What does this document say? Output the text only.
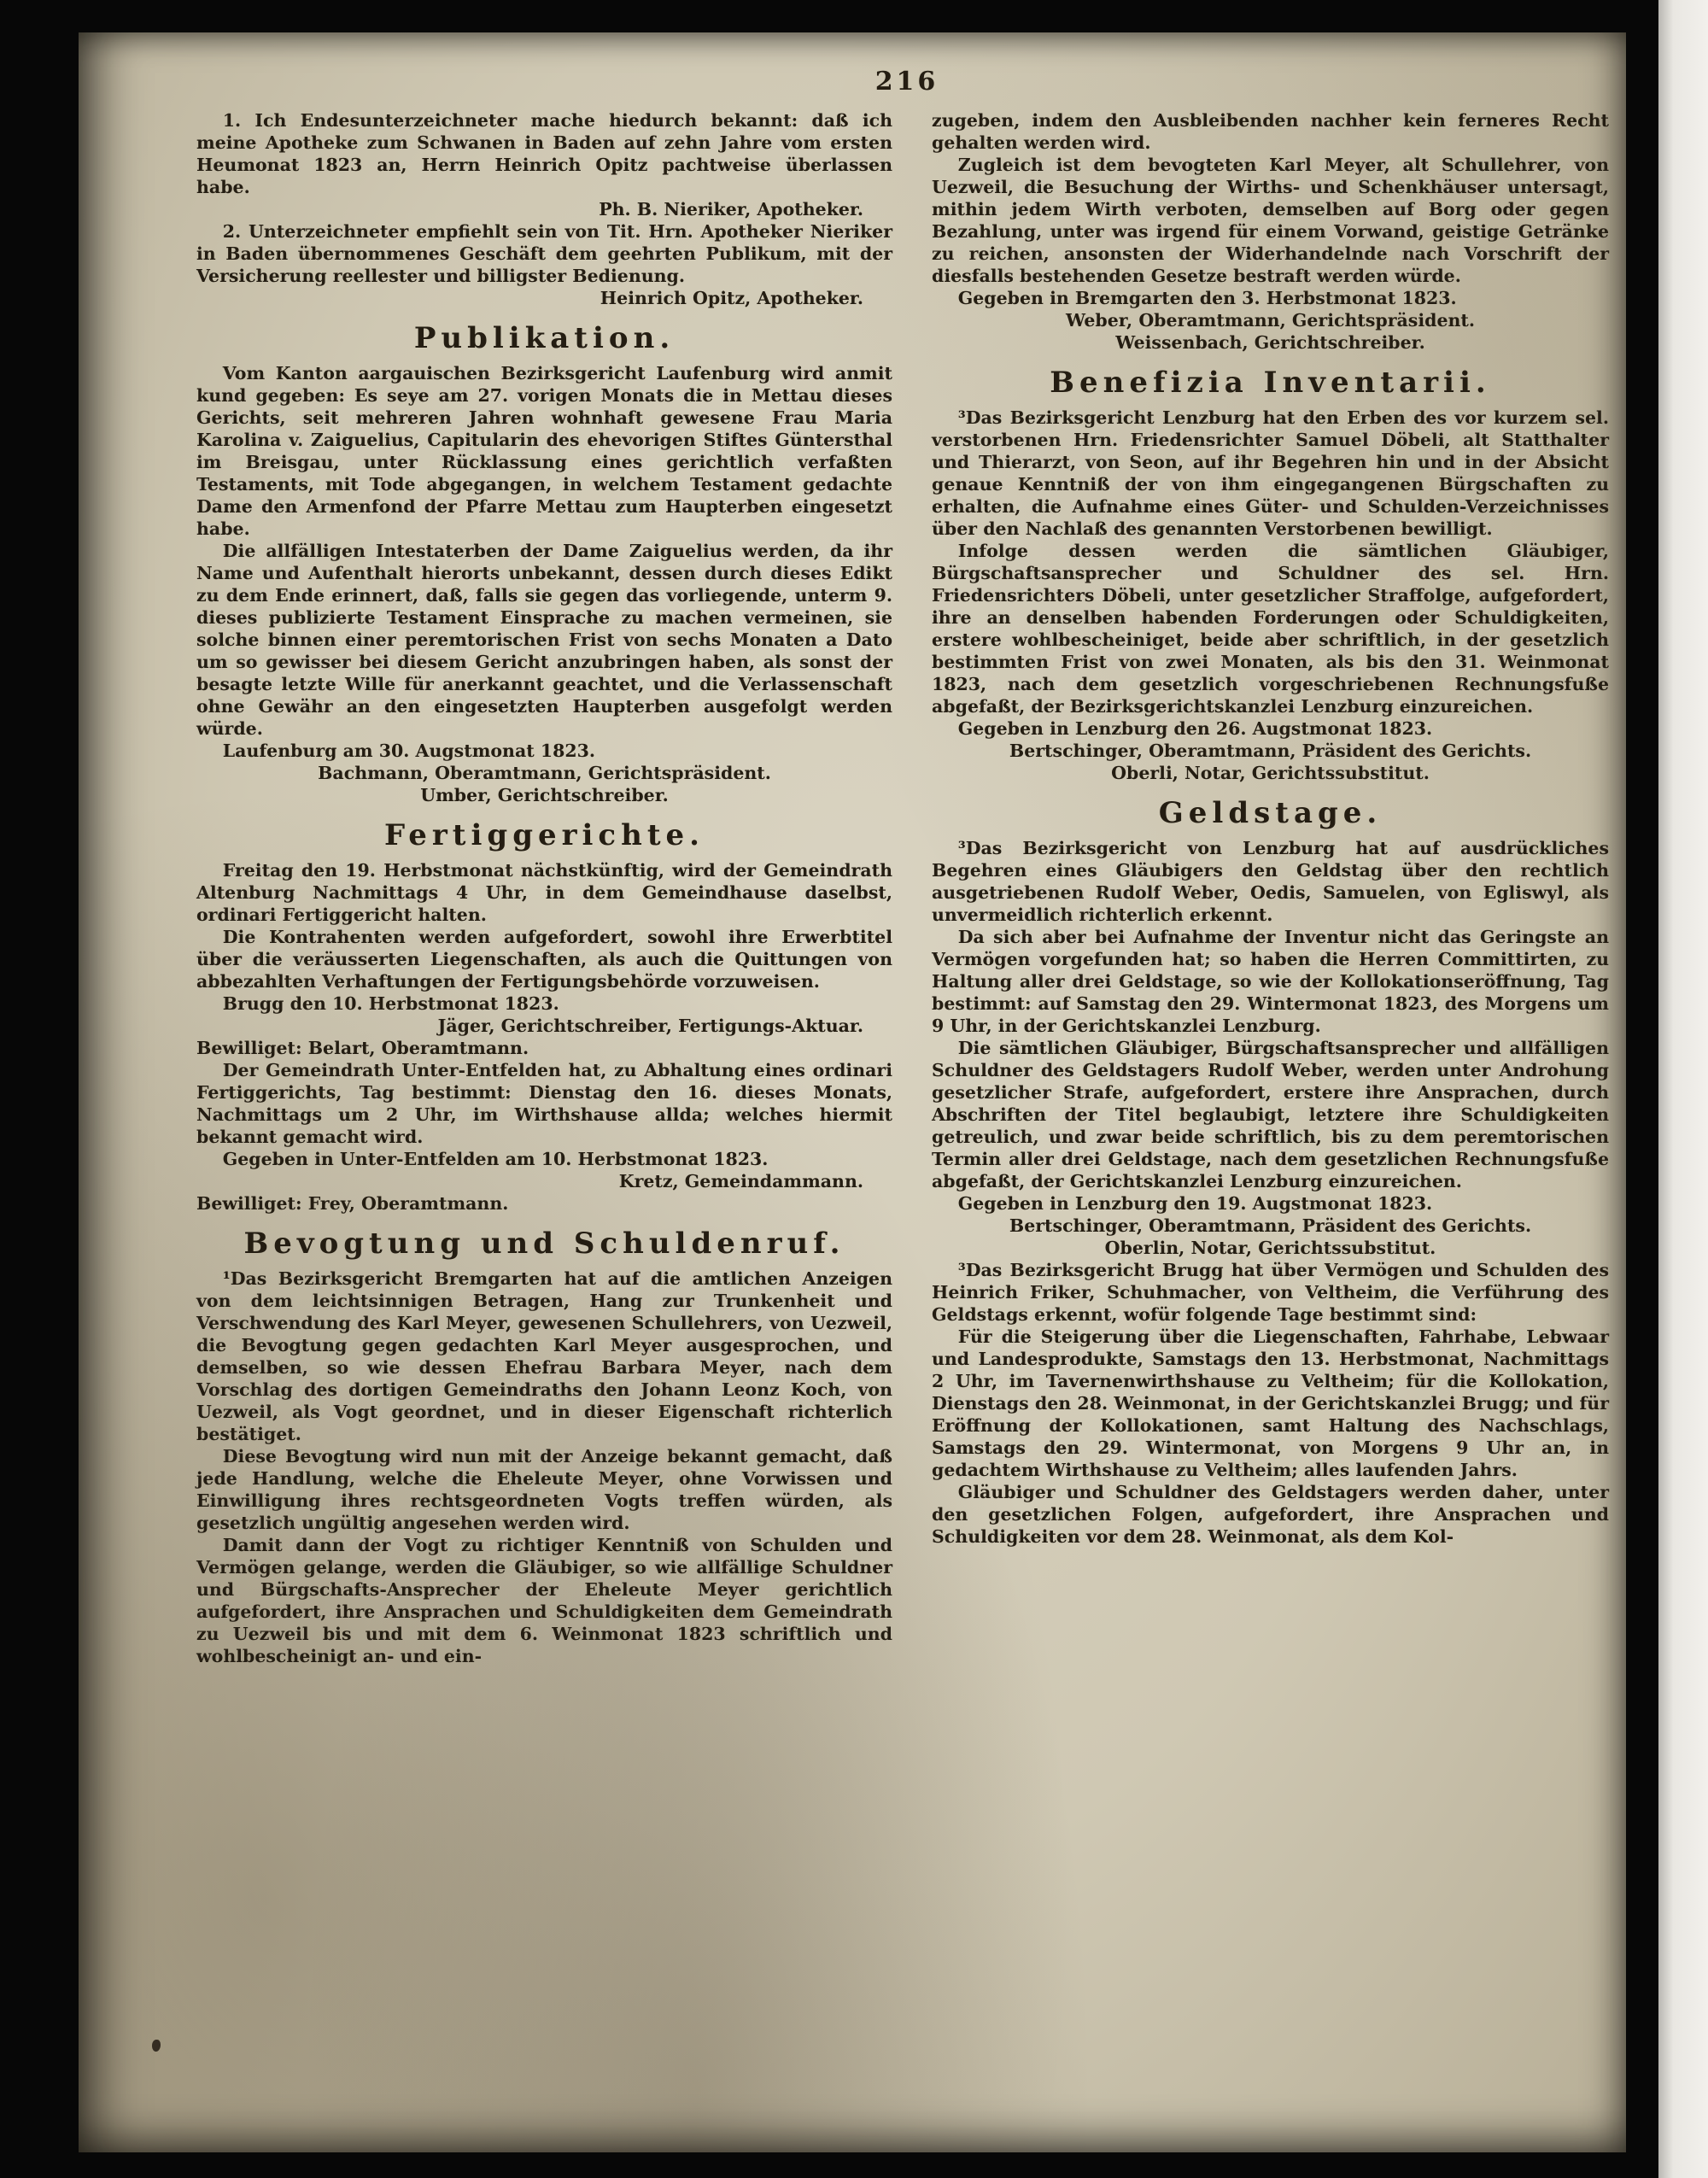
216
1. Ich Endesunterzeichneter mache hiedurch bekannt: daß ich meine Apotheke zum Schwanen in Baden auf zehn Jahre vom ersten Heumonat 1823 an, Herrn Heinrich Opitz pachtweise überlassen habe.
Ph. B. Nieriker, Apotheker.
2. Unterzeichneter empfiehlt sein von Tit. Hrn. Apotheker Nieriker in Baden übernommenes Geschäft dem geehrten Publikum, mit der Versicherung reellester und billigster Bedienung.
Heinrich Opitz, Apotheker.
Publikation.
Vom Kanton aargauischen Bezirksgericht Laufenburg wird anmit kund gegeben: Es seye am 27. vorigen Monats die in Mettau dieses Gerichts, seit mehreren Jahren wohnhaft gewesene Frau Maria Karolina v. Zaiguelius, Capitularin des ehevorigen Stiftes Güntersthal im Breisgau, unter Rücklassung eines gerichtlich verfaßten Testaments, mit Tode abgegangen, in welchem Testament gedachte Dame den Armenfond der Pfarre Mettau zum Haupterben eingesetzt habe.
Die allfälligen Intestaterben der Dame Zaiguelius werden, da ihr Name und Aufenthalt hierorts unbekannt, dessen durch dieses Edikt zu dem Ende erinnert, daß, falls sie gegen das vorliegende, unterm 9. dieses publizierte Testament Einsprache zu machen vermeinen, sie solche binnen einer peremtorischen Frist von sechs Monaten a Dato um so gewisser bei diesem Gericht anzubringen haben, als sonst der besagte letzte Wille für anerkannt geachtet, und die Verlassenschaft ohne Gewähr an den eingesetzten Haupterben ausgefolgt werden würde.
Laufenburg am 30. Augstmonat 1823.
Bachmann, Oberamtmann, Gerichtspräsident.
Umber, Gerichtschreiber.
Fertiggerichte.
Freitag den 19. Herbstmonat nächstkünftig, wird der Gemeindrath Altenburg Nachmittags 4 Uhr, in dem Gemeindhause daselbst, ordinari Fertiggericht halten.
Die Kontrahenten werden aufgefordert, sowohl ihre Erwerbtitel über die veräusserten Liegenschaften, als auch die Quittungen von abbezahlten Verhaftungen der Fertigungsbehörde vorzuweisen.
Brugg den 10. Herbstmonat 1823.
Jäger, Gerichtschreiber, Fertigungs-Aktuar.
Bewilliget: Belart, Oberamtmann.
Der Gemeindrath Unter-Entfelden hat, zu Abhaltung eines ordinari Fertiggerichts, Tag bestimmt: Dienstag den 16. dieses Monats, Nachmittags um 2 Uhr, im Wirthshause allda; welches hiermit bekannt gemacht wird.
Gegeben in Unter-Entfelden am 10. Herbstmonat 1823.
Kretz, Gemeindammann.
Bewilliget: Frey, Oberamtmann.
Bevogtung und Schuldenruf.
¹Das Bezirksgericht Bremgarten hat auf die amtlichen Anzeigen von dem leichtsinnigen Betragen, Hang zur Trunkenheit und Verschwendung des Karl Meyer, gewesenen Schullehrers, von Uezweil, die Bevogtung gegen gedachten Karl Meyer ausgesprochen, und demselben, so wie dessen Ehefrau Barbara Meyer, nach dem Vorschlag des dortigen Gemeindraths den Johann Leonz Koch, von Uezweil, als Vogt geordnet, und in dieser Eigenschaft richterlich bestätiget.
Diese Bevogtung wird nun mit der Anzeige bekannt gemacht, daß jede Handlung, welche die Eheleute Meyer, ohne Vorwissen und Einwilligung ihres rechtsgeordneten Vogts treffen würden, als gesetzlich ungültig angesehen werden wird.
Damit dann der Vogt zu richtiger Kenntniß von Schulden und Vermögen gelange, werden die Gläubiger, so wie allfällige Schuldner und Bürgschafts-Ansprecher der Eheleute Meyer gerichtlich aufgefordert, ihre Ansprachen und Schuldigkeiten dem Gemeindrath zu Uezweil bis und mit dem 6. Weinmonat 1823 schriftlich und wohlbescheinigt an- und ein-
zugeben, indem den Ausbleibenden nachher kein ferneres Recht gehalten werden wird.
Zugleich ist dem bevogteten Karl Meyer, alt Schullehrer, von Uezweil, die Besuchung der Wirths- und Schenkhäuser untersagt, mithin jedem Wirth verboten, demselben auf Borg oder gegen Bezahlung, unter was irgend für einem Vorwand, geistige Getränke zu reichen, ansonsten der Widerhandelnde nach Vorschrift der diesfalls bestehenden Gesetze bestraft werden würde.
Gegeben in Bremgarten den 3. Herbstmonat 1823.
Weber, Oberamtmann, Gerichtspräsident.
Weissenbach, Gerichtschreiber.
Benefizia Inventarii.
³Das Bezirksgericht Lenzburg hat den Erben des vor kurzem sel. verstorbenen Hrn. Friedensrichter Samuel Döbeli, alt Statthalter und Thierarzt, von Seon, auf ihr Begehren hin und in der Absicht genaue Kenntniß der von ihm eingegangenen Bürgschaften zu erhalten, die Aufnahme eines Güter- und Schulden-Verzeichnisses über den Nachlaß des genannten Verstorbenen bewilligt.
Infolge dessen werden die sämtlichen Gläubiger, Bürgschaftsansprecher und Schuldner des sel. Hrn. Friedensrichters Döbeli, unter gesetzlicher Straffolge, aufgefordert, ihre an denselben habenden Forderungen oder Schuldigkeiten, erstere wohlbescheiniget, beide aber schriftlich, in der gesetzlich bestimmten Frist von zwei Monaten, als bis den 31. Weinmonat 1823, nach dem gesetzlich vorgeschriebenen Rechnungsfuße abgefaßt, der Bezirksgerichtskanzlei Lenzburg einzureichen.
Gegeben in Lenzburg den 26. Augstmonat 1823.
Bertschinger, Oberamtmann, Präsident des Gerichts.
Oberli, Notar, Gerichtssubstitut.
Geldstage.
³Das Bezirksgericht von Lenzburg hat auf ausdrückliches Begehren eines Gläubigers den Geldstag über den rechtlich ausgetriebenen Rudolf Weber, Oedis, Samuelen, von Egliswyl, als unvermeidlich richterlich erkennt.
Da sich aber bei Aufnahme der Inventur nicht das Geringste an Vermögen vorgefunden hat; so haben die Herren Committirten, zu Haltung aller drei Geldstage, so wie der Kollokationseröffnung, Tag bestimmt: auf Samstag den 29. Wintermonat 1823, des Morgens um 9 Uhr, in der Gerichtskanzlei Lenzburg.
Die sämtlichen Gläubiger, Bürgschaftsansprecher und allfälligen Schuldner des Geldstagers Rudolf Weber, werden unter Androhung gesetzlicher Strafe, aufgefordert, erstere ihre Ansprachen, durch Abschriften der Titel beglaubigt, letztere ihre Schuldigkeiten getreulich, und zwar beide schriftlich, bis zu dem peremtorischen Termin aller drei Geldstage, nach dem gesetzlichen Rechnungsfuße abgefaßt, der Gerichtskanzlei Lenzburg einzureichen.
Gegeben in Lenzburg den 19. Augstmonat 1823.
Bertschinger, Oberamtmann, Präsident des Gerichts.
Oberlin, Notar, Gerichtssubstitut.
³Das Bezirksgericht Brugg hat über Vermögen und Schulden des Heinrich Friker, Schuhmacher, von Veltheim, die Verführung des Geldstags erkennt, wofür folgende Tage bestimmt sind:
Für die Steigerung über die Liegenschaften, Fahrhabe, Lebwaar und Landesprodukte, Samstags den 13. Herbstmonat, Nachmittags 2 Uhr, im Tavernenwirthshause zu Veltheim; für die Kollokation, Dienstags den 28. Weinmonat, in der Gerichtskanzlei Brugg; und für Eröffnung der Kollokationen, samt Haltung des Nachschlags, Samstags den 29. Wintermonat, von Morgens 9 Uhr an, in gedachtem Wirthshause zu Veltheim; alles laufenden Jahrs.
Gläubiger und Schuldner des Geldstagers werden daher, unter den gesetzlichen Folgen, aufgefordert, ihre Ansprachen und Schuldigkeiten vor dem 28. Weinmonat, als dem Kol-
